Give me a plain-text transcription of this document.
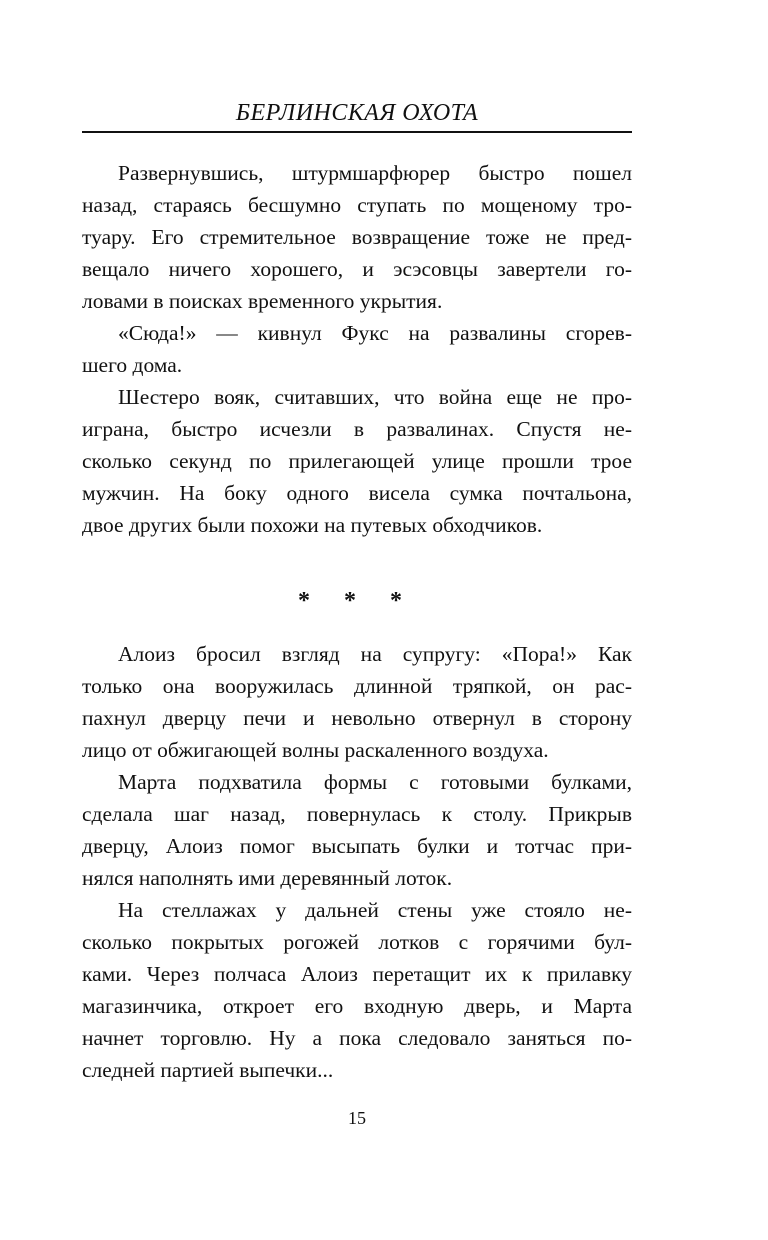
БЕРЛИНСКАЯ ОХОТА
Развернувшись, штурмшарфюрер быстро пошел
назад, стараясь бесшумно ступать по мощеному тро-
туару. Его стремительное возвращение тоже не пред-
вещало ничего хорошего, и эсэсовцы завертели го-
ловами в поисках временного укрытия.
«Сюда!» — кивнул Фукс на развалины сгорев-
шего дома.
Шестеро вояк, считавших, что война еще не про-
играна, быстро исчезли в развалинах. Спустя не-
сколько секунд по прилегающей улице прошли трое
мужчин. На боку одного висела сумка почтальона,
двое других были похожи на путевых обходчиков.
* * *
Алоиз бросил взгляд на супругу: «Пора!» Как
только она вооружилась длинной тряпкой, он рас-
пахнул дверцу печи и невольно отвернул в сторону
лицо от обжигающей волны раскаленного воздуха.
Марта подхватила формы с готовыми булками,
сделала шаг назад, повернулась к столу. Прикрыв
дверцу, Алоиз помог высыпать булки и тотчас при-
нялся наполнять ими деревянный лоток.
На стеллажах у дальней стены уже стояло не-
сколько покрытых рогожей лотков с горячими бул-
ками. Через полчаса Алоиз перетащит их к прилавку
магазинчика, откроет его входную дверь, и Марта
начнет торговлю. Ну а пока следовало заняться по-
следней партией выпечки...
15
